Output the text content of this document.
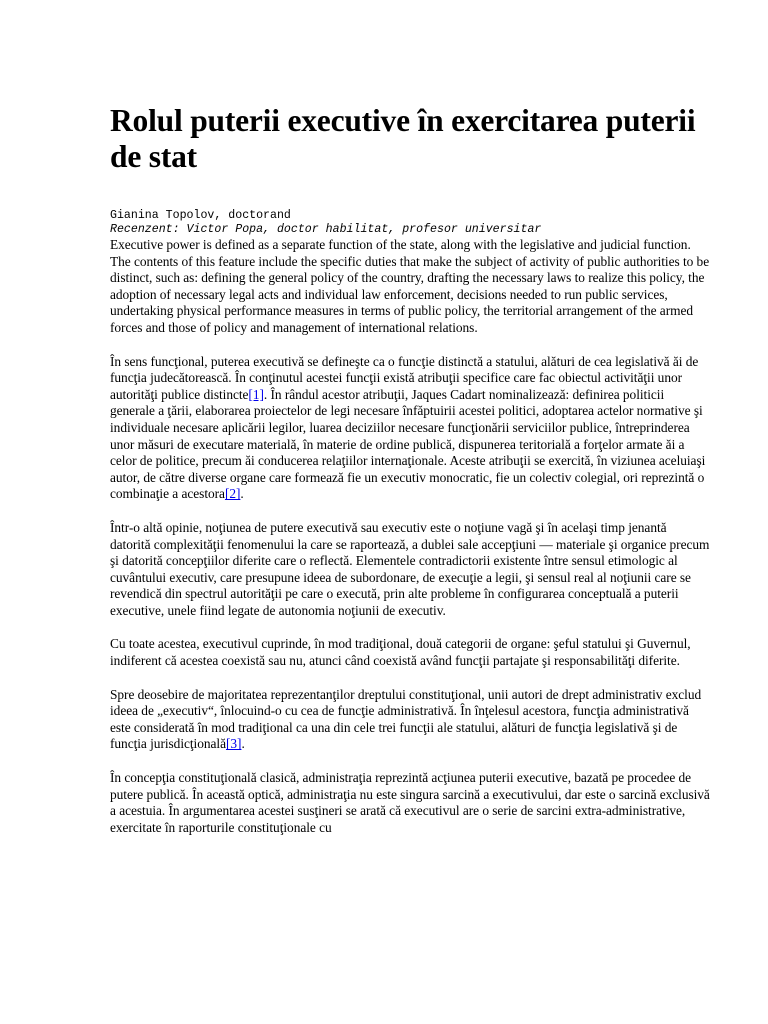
Rolul puterii executive în exercitarea puterii de stat

Gianina Topolov, doctorand

Recenzent: Victor Popa, doctor habilitat, profesor universitar

Executive power is defined as a separate function of the state, along with the legislative and judicial function. The contents of this feature include the specific duties that make the subject of activity of public authorities to be distinct, such as: defining the general policy of the country, drafting the necessary laws to realize this policy, the adoption of necessary legal acts and individual law enforcement, decisions needed to run public services, undertaking physical performance measures in terms of public policy, the territorial arrangement of the armed forces and those of policy and management of international relations.

În sens funcţional, puterea executivă se defineşte ca o funcţie distinctă a statului, alături de cea legislativă ăi de funcţia judecătorească. În conţinutul acestei funcţii există atribuţii specifice care fac obiectul activităţii unor autorităţi publice distincte[1]. În rândul acestor atribuţii, Jaques Cadart nominalizează: definirea politicii generale a ţării, elaborarea proiectelor de legi necesare înfăptuirii acestei politici, adoptarea actelor normative şi individuale necesare aplicării legilor, luarea deciziilor necesare funcţionării serviciilor publice, întreprinderea unor măsuri de executare materială, în materie de ordine publică, dispunerea teritorială a forţelor armate ăi a celor de politice, precum ăi conducerea relaţiilor internaţionale. Aceste atribuţii se exercită, în viziunea aceluiaşi autor, de către diverse organe care formează fie un executiv monocratic, fie un colectiv colegial, ori reprezintă o combinaţie a acestora[2].

Într-o altă opinie, noţiunea de putere executivă sau executiv este o noţiune vagă şi în acelaşi timp jenantă datorită complexităţii fenomenului la care se raportează, a dublei sale accepţiuni — materiale şi organice precum şi datorită concepţiilor diferite care o reflectă. Elementele contradictorii existente între sensul etimologic al cuvântului executiv, care presupune ideea de subordonare, de execuţie a legii, şi sensul real al noţiunii care se revendică din spectrul autorităţii pe care o execută, prin alte probleme în configurarea conceptuală a puterii executive, unele fiind legate de autonomia noţiunii de executiv.

Cu toate acestea, executivul cuprinde, în mod tradiţional, două categorii de organe: şeful statului şi Guvernul, indiferent că acestea coexistă sau nu, atunci când coexistă având funcţii partajate şi responsabilităţi diferite.

Spre deosebire de majoritatea reprezentanţilor dreptului constituţional, unii autori de drept administrativ exclud ideea de „executiv“, înlocuind-o cu cea de funcţie administrativă. În înţelesul acestora, funcţia administrativă este considerată în mod tradiţional ca una din cele trei funcţii ale statului, alături de funcţia legislativă şi de funcţia jurisdicţională[3].

În concepţia constituţională clasică, administraţia reprezintă acţiunea puterii executive, bazată pe procedee de putere publică. În această optică, administraţia nu este singura sarcină a executivului, dar este o sarcină exclusivă a acestuia. În argumentarea acestei susţineri se arată că executivul are o serie de sarcini extra-administrative, exercitate în raporturile constituţionale cu
